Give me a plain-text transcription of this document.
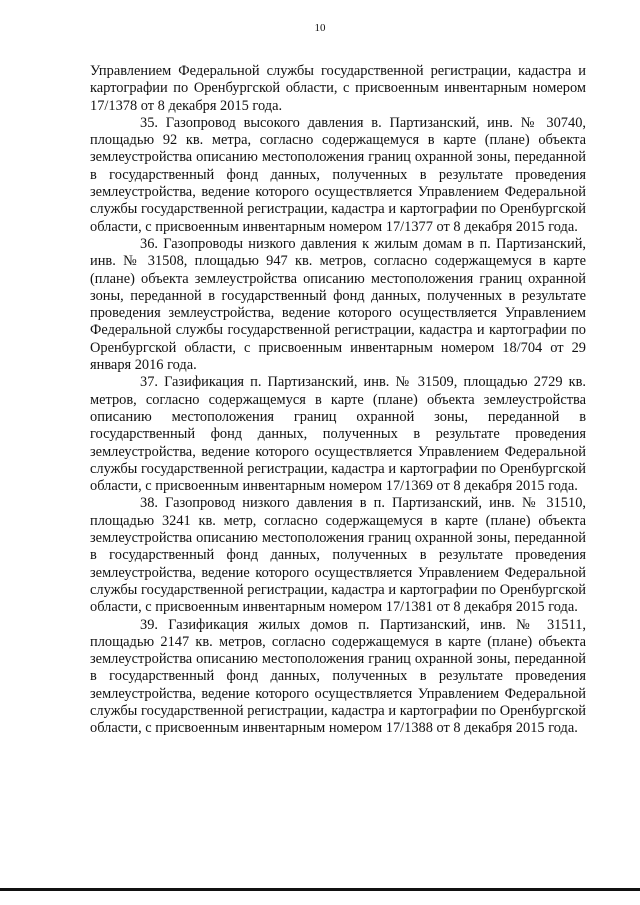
10

Управлением Федеральной службы государственной регистрации, кадастра и картографии по Оренбургской области, с присвоенным инвентарным номером 17/1378 от 8 декабря 2015 года.

35. Газопровод высокого давления в. Партизанский, инв. № 30740, площадью 92 кв. метра, согласно содержащемуся в карте (плане) объекта землеустройства описанию местоположения границ охранной зоны, переданной в государственный фонд данных, полученных в результате проведения землеустройства, ведение которого осуществляется Управлением Федеральной службы государственной регистрации, кадастра и картографии по Оренбургской области, с присвоенным инвентарным номером 17/1377 от 8 декабря 2015 года.

36. Газопроводы низкого давления к жилым домам в п. Партизанский, инв. № 31508, площадью 947 кв. метров, согласно содержащемуся в карте (плане) объекта землеустройства описанию местоположения границ охранной зоны, переданной в государственный фонд данных, полученных в результате проведения землеустройства, ведение которого осуществляется Управлением Федеральной службы государственной регистрации, кадастра и картографии по Оренбургской области, с присвоенным инвентарным номером 18/704 от 29 января 2016 года.

37. Газификация п. Партизанский, инв. № 31509, площадью 2729 кв. метров, согласно содержащемуся в карте (плане) объекта землеустройства описанию местоположения границ охранной зоны, переданной в государственный фонд данных, полученных в результате проведения землеустройства, ведение которого осуществляется Управлением Федеральной службы государственной регистрации, кадастра и картографии по Оренбургской области, с присвоенным инвентарным номером 17/1369 от 8 декабря 2015 года.

38. Газопровод низкого давления в п. Партизанский, инв. № 31510, площадью 3241 кв. метр, согласно содержащемуся в карте (плане) объекта землеустройства описанию местоположения границ охранной зоны, переданной в государственный фонд данных, полученных в результате проведения землеустройства, ведение которого осуществляется Управлением Федеральной службы государственной регистрации, кадастра и картографии по Оренбургской области, с присвоенным инвентарным номером 17/1381 от 8 декабря 2015 года.

39. Газификация жилых домов п. Партизанский, инв. № 31511, площадью 2147 кв. метров, согласно содержащемуся в карте (плане) объекта землеустройства описанию местоположения границ охранной зоны, переданной в государственный фонд данных, полученных в результате проведения землеустройства, ведение которого осуществляется Управлением Федеральной службы государственной регистрации, кадастра и картографии по Оренбургской области, с присвоенным инвентарным номером 17/1388 от 8 декабря 2015 года.
